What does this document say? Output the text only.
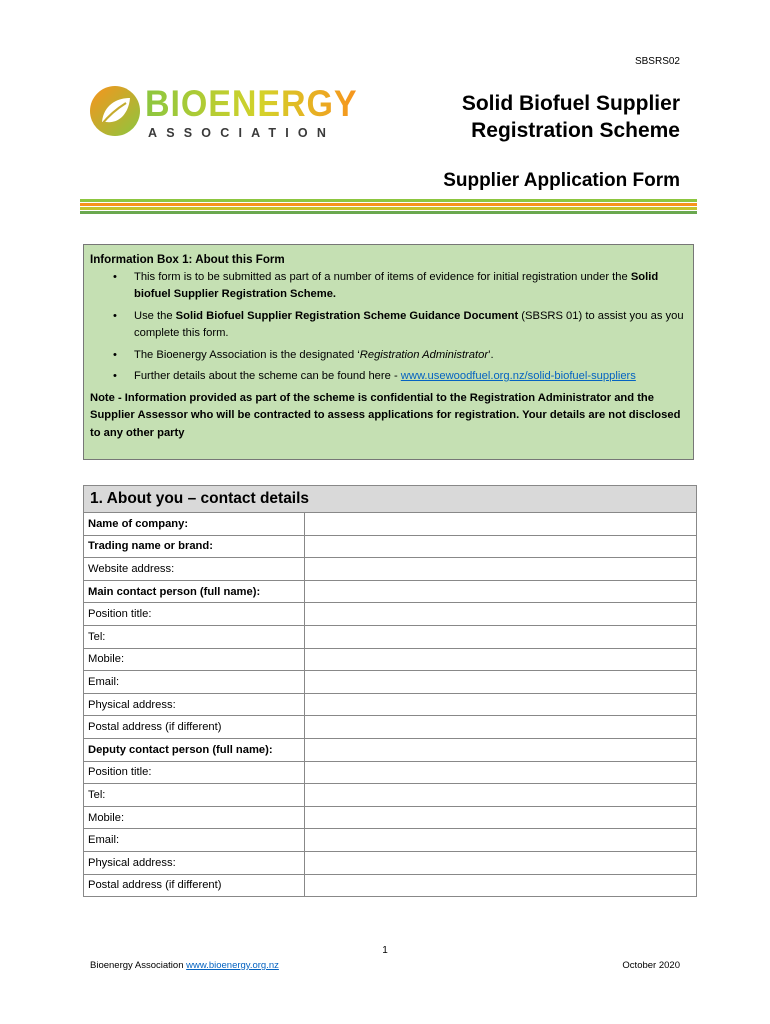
SBSRS02
BIOENERGY
ASSOCIATION
Solid Biofuel Supplier
Registration Scheme
Supplier Application Form
Information Box 1: About this Form
• This form is to be submitted as part of a number of items of evidence for initial registration under the Solid biofuel Supplier Registration Scheme.
• Use the Solid Biofuel Supplier Registration Scheme Guidance Document (SBSRS 01) to assist you as you complete this form.
• The Bioenergy Association is the designated ‘Registration Administrator’.
• Further details about the scheme can be found here - www.usewoodfuel.org.nz/solid-biofuel-suppliers
Note - Information provided as part of the scheme is confidential to the Registration Administrator and the Supplier Assessor who will be contracted to assess applications for registration. Your details are not disclosed to any other party
1. About you – contact details	
Name of company:	
Trading name or brand:	
Website address:	
Main contact person (full name):	
Position title:	
Tel:	
Mobile:	
Email:	
Physical address:	
Postal address (if different)	
Deputy contact person (full name):	
Position title:	
Tel:	
Mobile:	
Email:	
Physical address:	
Postal address (if different)	
1
Bioenergy Association www.bioenergy.org.nz	October 2020
